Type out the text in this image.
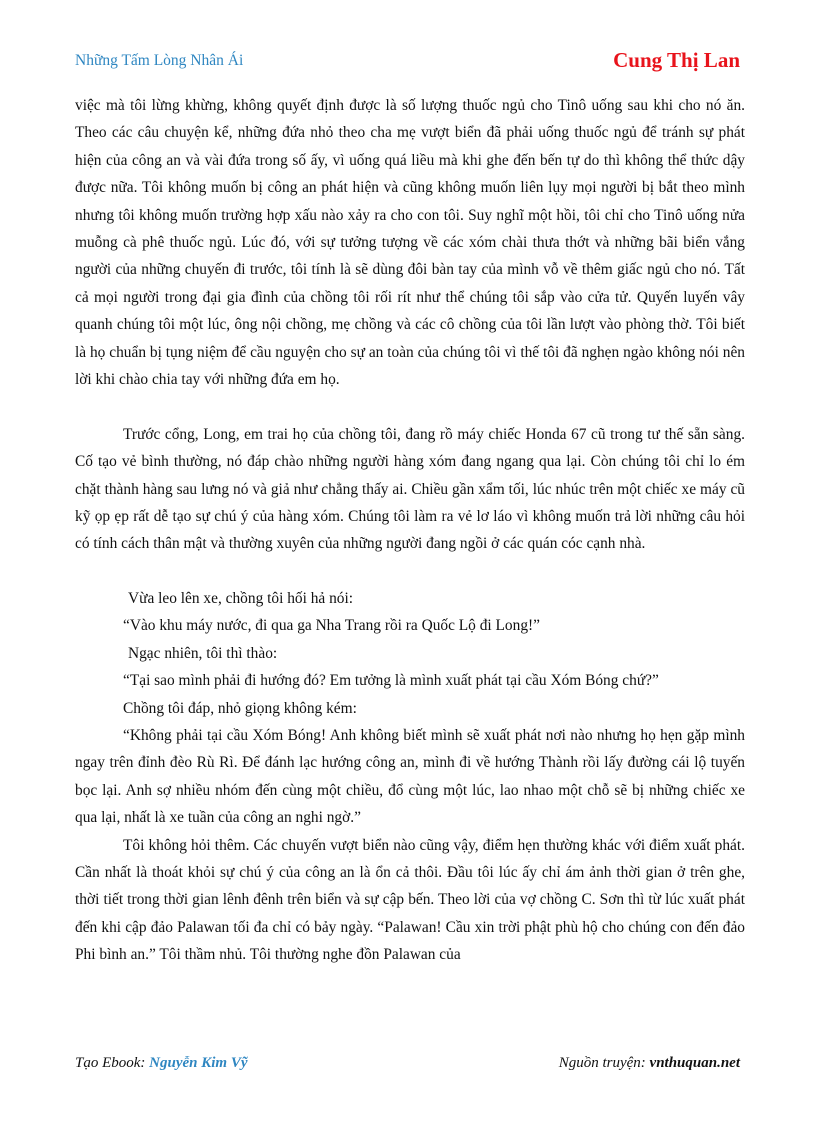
Những Tấm Lòng Nhân Ái	Cung Thị Lan

việc mà tôi lừng khừng, không quyết định được là số lượng thuốc ngủ cho Tinô uống sau khi cho nó ăn. Theo các câu chuyện kể, những đứa nhỏ theo cha mẹ vượt biển đã phải uống thuốc ngủ để tránh sự phát hiện của công an và vài đứa trong số ấy, vì uống quá liều mà khi ghe đến bến tự do thì không thể thức dậy được nữa. Tôi không muốn bị công an phát hiện và cũng không muốn liên lụy mọi người bị bắt theo mình nhưng tôi không muốn trường hợp xấu nào xảy ra cho con tôi. Suy nghĩ một hồi, tôi chỉ cho Tinô uống nửa muỗng cà phê thuốc ngủ. Lúc đó, với sự tưởng tượng về các xóm chài thưa thớt và những bãi biển vắng người của những chuyến đi trước, tôi tính là sẽ dùng đôi bàn tay của mình vỗ về thêm giấc ngủ cho nó. Tất cả mọi người trong đại gia đình của chồng tôi rối rít như thể chúng tôi sắp vào cửa tử. Quyến luyến vây quanh chúng tôi một lúc, ông nội chồng, mẹ chồng và các cô chồng của tôi lần lượt vào phòng thờ. Tôi biết là họ chuẩn bị tụng niệm để cầu nguyện cho sự an toàn của chúng tôi vì thế tôi đã nghẹn ngào không nói nên lời khi chào chia tay với những đứa em họ.

Trước cổng, Long, em trai họ của chồng tôi, đang rồ máy chiếc Honda 67 cũ trong tư thế sẵn sàng. Cố tạo vẻ bình thường, nó đáp chào những người hàng xóm đang ngang qua lại. Còn chúng tôi chỉ lo ém chặt thành hàng sau lưng nó và giả như chẳng thấy ai. Chiều gần xẩm tối, lúc nhúc trên một chiếc xe máy cũ kỹ ọp ẹp rất dễ tạo sự chú ý của hàng xóm. Chúng tôi làm ra vẻ lơ láo vì không muốn trả lời những câu hỏi có tính cách thân mật và thường xuyên của những người đang ngồi ở các quán cóc cạnh nhà.

Vừa leo lên xe, chồng tôi hối hả nói:

“Vào khu máy nước, đi qua ga Nha Trang rồi ra Quốc Lộ đi Long!”

Ngạc nhiên, tôi thì thào:

“Tại sao mình phải đi hướng đó? Em tưởng là mình xuất phát tại cầu Xóm Bóng chứ?”

Chồng tôi đáp, nhỏ giọng không kém:

“Không phải tại cầu Xóm Bóng! Anh không biết mình sẽ xuất phát nơi nào nhưng họ hẹn gặp mình ngay trên đỉnh đèo Rù Rì. Để đánh lạc hướng công an, mình đi về hướng Thành rồi lấy đường cái lộ tuyến bọc lại. Anh sợ nhiều nhóm đến cùng một chiều, đổ cùng một lúc, lao nhao một chỗ sẽ bị những chiếc xe qua lại, nhất là xe tuần của công an nghi ngờ.”

Tôi không hỏi thêm. Các chuyến vượt biển nào cũng vậy, điểm hẹn thường khác với điểm xuất phát. Cần nhất là thoát khỏi sự chú ý của công an là ổn cả thôi. Đầu tôi lúc ấy chỉ ám ảnh thời gian ở trên ghe, thời tiết trong thời gian lênh đênh trên biển và sự cập bến. Theo lời của vợ chồng C. Sơn thì từ lúc xuất phát đến khi cập đảo Palawan tối đa chỉ có bảy ngày. “Palawan! Cầu xin trời phật phù hộ cho chúng con đến đảo Phi bình an.” Tôi thầm nhủ. Tôi thường nghe đồn Palawan của

Tạo Ebook: Nguyễn Kim Vỹ	Nguồn truyện: vnthuquan.net
